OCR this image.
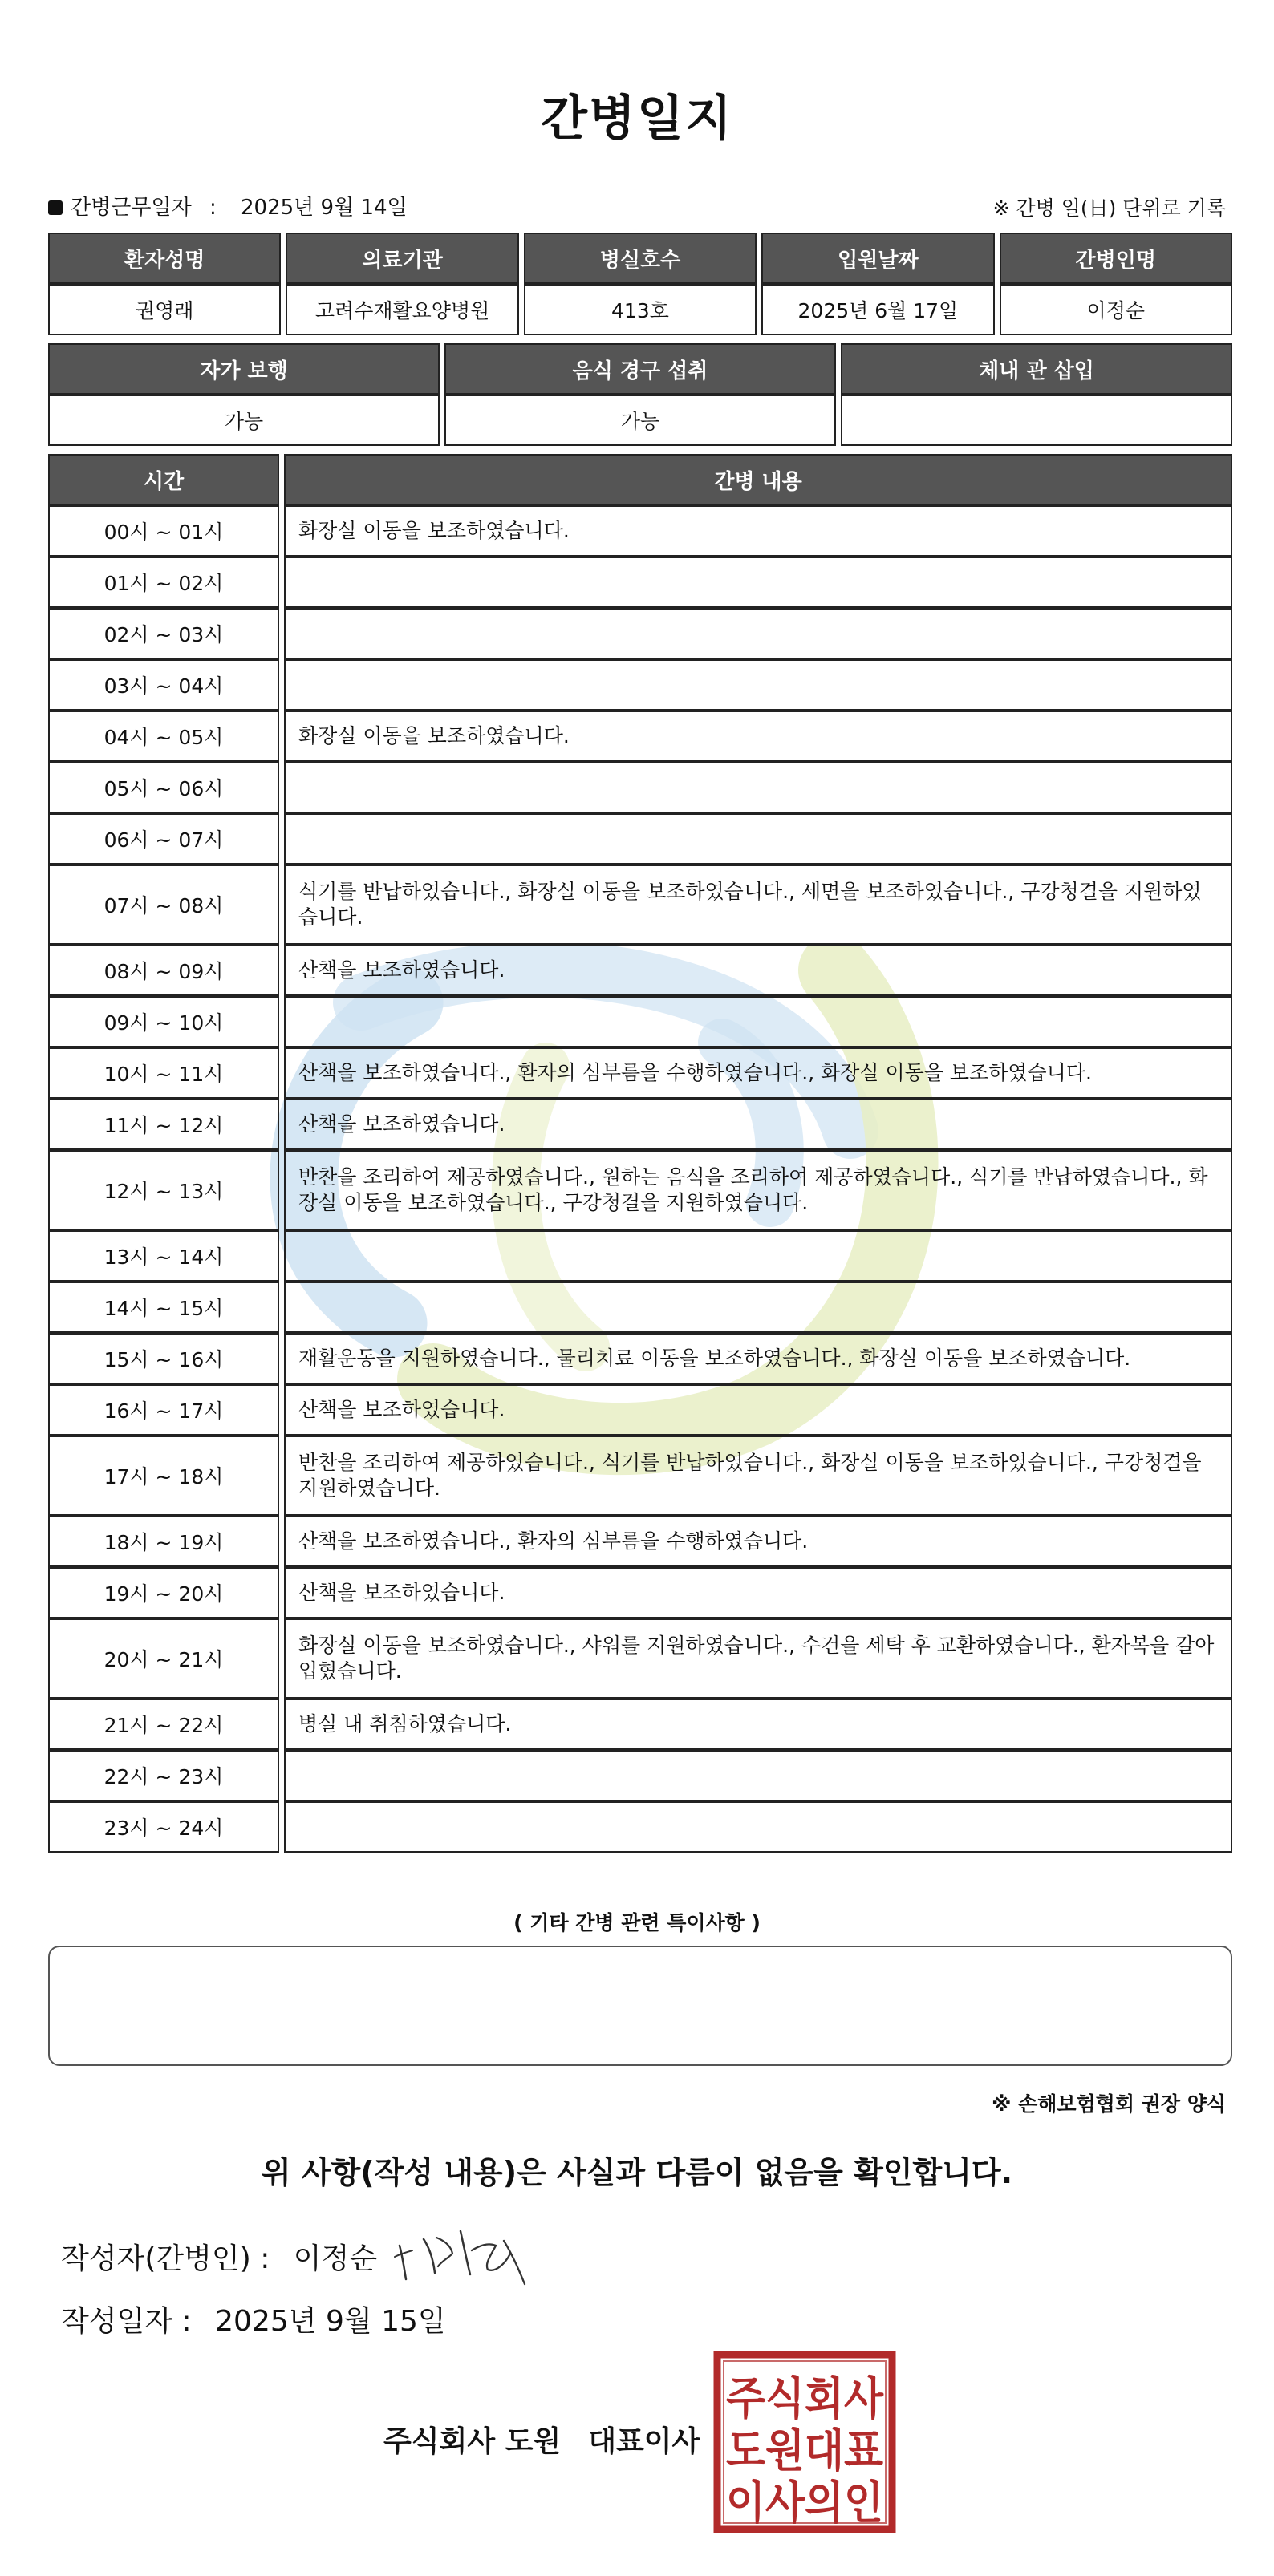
간병일지
간병근무일자 : 2025년 9월 14일	※ 간병 일(日) 단위로 기록
환자성명	의료기관	병실호수	입원날짜	간병인명
권영래	고려수재활요양병원	413호	2025년 6월 17일	이정순
자가 보행	음식 경구 섭취	체내 관 삽입
가능	가능	
시간	간병 내용
00시 ~ 01시	화장실 이동을 보조하였습니다.
01시 ~ 02시	
02시 ~ 03시	
03시 ~ 04시	
04시 ~ 05시	화장실 이동을 보조하였습니다.
05시 ~ 06시	
06시 ~ 07시	
07시 ~ 08시	식기를 반납하였습니다., 화장실 이동을 보조하였습니다., 세면을 보조하였습니다., 구강청결을 지원하였습니다.
08시 ~ 09시	산책을 보조하였습니다.
09시 ~ 10시	
10시 ~ 11시	산책을 보조하였습니다., 환자의 심부름을 수행하였습니다., 화장실 이동을 보조하였습니다.
11시 ~ 12시	산책을 보조하였습니다.
12시 ~ 13시	반찬을 조리하여 제공하였습니다., 원하는 음식을 조리하여 제공하였습니다., 식기를 반납하였습니다., 화장실 이동을 보조하였습니다., 구강청결을 지원하였습니다.
13시 ~ 14시	
14시 ~ 15시	
15시 ~ 16시	재활운동을 지원하였습니다., 물리치료 이동을 보조하였습니다., 화장실 이동을 보조하였습니다.
16시 ~ 17시	산책을 보조하였습니다.
17시 ~ 18시	반찬을 조리하여 제공하였습니다., 식기를 반납하였습니다., 화장실 이동을 보조하였습니다., 구강청결을 지원하였습니다.
18시 ~ 19시	산책을 보조하였습니다., 환자의 심부름을 수행하였습니다.
19시 ~ 20시	산책을 보조하였습니다.
20시 ~ 21시	화장실 이동을 보조하였습니다., 샤워를 지원하였습니다., 수건을 세탁 후 교환하였습니다., 환자복을 갈아입혔습니다.
21시 ~ 22시	병실 내 취침하였습니다.
22시 ~ 23시	
23시 ~ 24시	
( 기타 간병 관련 특이사항 )
※ 손해보험협회 권장 양식
위 사항(작성 내용)은 사실과 다름이 없음을 확인합니다.
작성자(간병인) : 이정순
작성일자 : 2025년 9월 15일
주식회사 도원 대표이사
주식회사
도원대표
이사의인
